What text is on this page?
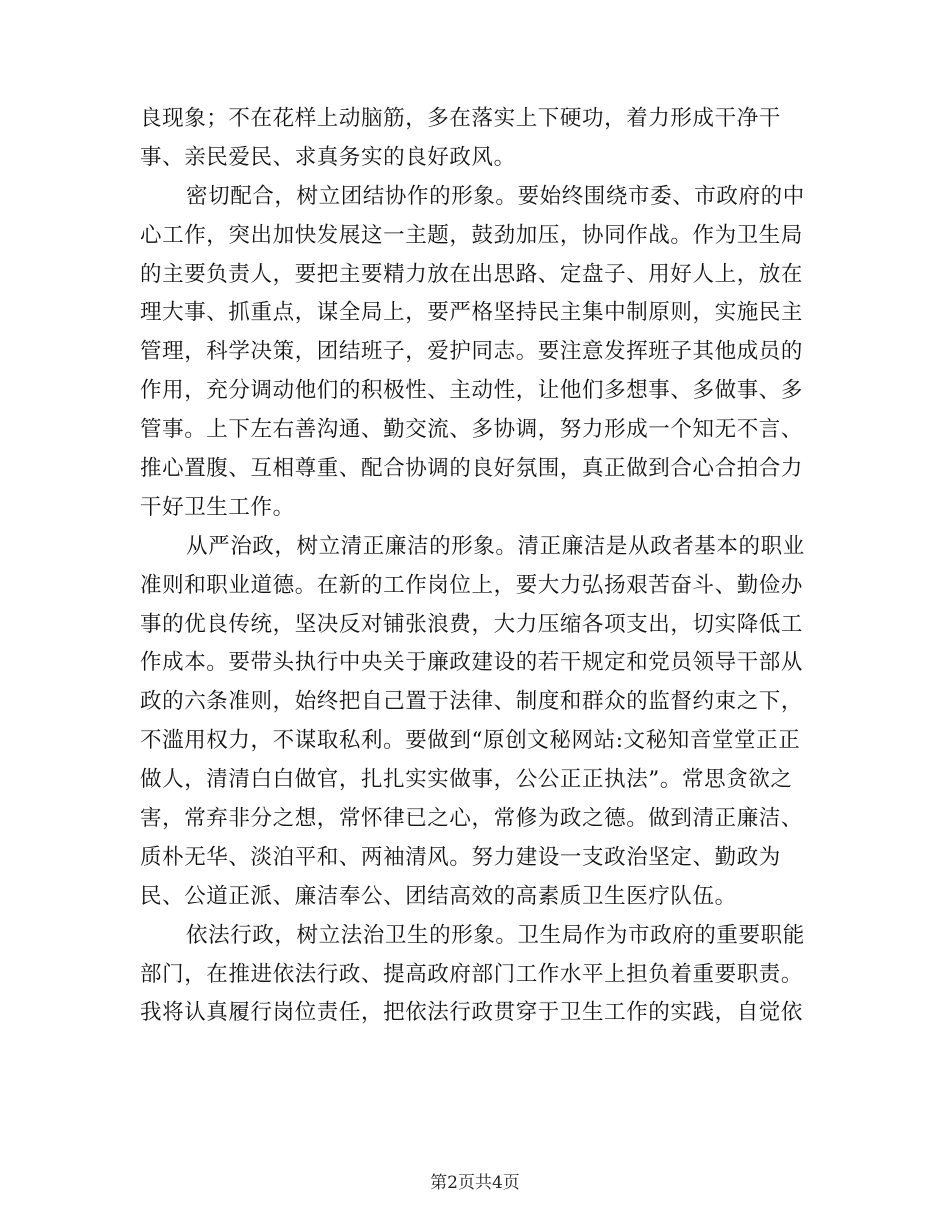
良现象；不在花样上动脑筋，多在落实上下硬功，着力形成干净干
事、亲民爱民、求真务实的良好政风。
密切配合，树立团结协作的形象。要始终围绕市委、市政府的中
心工作，突出加快发展这一主题，鼓劲加压，协同作战。作为卫生局
的主要负责人，要把主要精力放在出思路、定盘子、用好人上，放在
理大事、抓重点，谋全局上，要严格坚持民主集中制原则，实施民主
管理，科学决策，团结班子，爱护同志。要注意发挥班子其他成员的
作用，充分调动他们的积极性、主动性，让他们多想事、多做事、多
管事。上下左右善沟通、勤交流、多协调，努力形成一个知无不言、
推心置腹、互相尊重、配合协调的良好氛围，真正做到合心合拍合力
干好卫生工作。
从严治政，树立清正廉洁的形象。清正廉洁是从政者基本的职业
准则和职业道德。在新的工作岗位上，要大力弘扬艰苦奋斗、勤俭办
事的优良传统，坚决反对铺张浪费，大力压缩各项支出，切实降低工
作成本。要带头执行中央关于廉政建设的若干规定和党员领导干部从
政的六条准则，始终把自己置于法律、制度和群众的监督约束之下，
不滥用权力，不谋取私利。要做到“原创文秘网站:文秘知音堂堂正正
做人，清清白白做官，扎扎实实做事，公公正正执法”。常思贪欲之
害，常弃非分之想，常怀律已之心，常修为政之德。做到清正廉洁、
质朴无华、淡泊平和、两袖清风。努力建设一支政治坚定、勤政为
民、公道正派、廉洁奉公、团结高效的高素质卫生医疗队伍。
依法行政，树立法治卫生的形象。卫生局作为市政府的重要职能
部门，在推进依法行政、提高政府部门工作水平上担负着重要职责。
我将认真履行岗位责任，把依法行政贯穿于卫生工作的实践，自觉依
第2页共4页
